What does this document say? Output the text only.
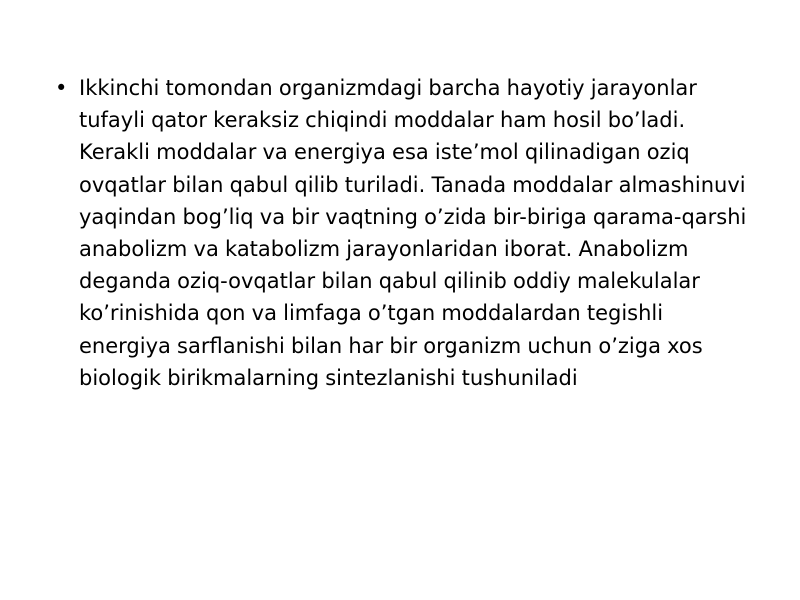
• Ikkinchi tomondan organizmdagi barcha hayotiy jarayonlar tufayli qator keraksiz chiqindi moddalar ham hosil bo’ladi. Kerakli moddalar va energiya esa iste’mol qilinadigan oziq ovqatlar bilan qabul qilib turiladi. Tanada moddalar almashinuvi yaqindan bog’liq va bir vaqtning o’zida bir-biriga qarama-qarshi anabolizm va katabolizm jarayonlaridan iborat. Anabolizm deganda oziq-ovqatlar bilan qabul qilinib oddiy malekulalar ko’rinishida qon va limfaga o’tgan moddalardan tegishli energiya sarflanishi bilan har bir organizm uchun o’ziga xos biologik birikmalarning sintezlanishi tushuniladi
